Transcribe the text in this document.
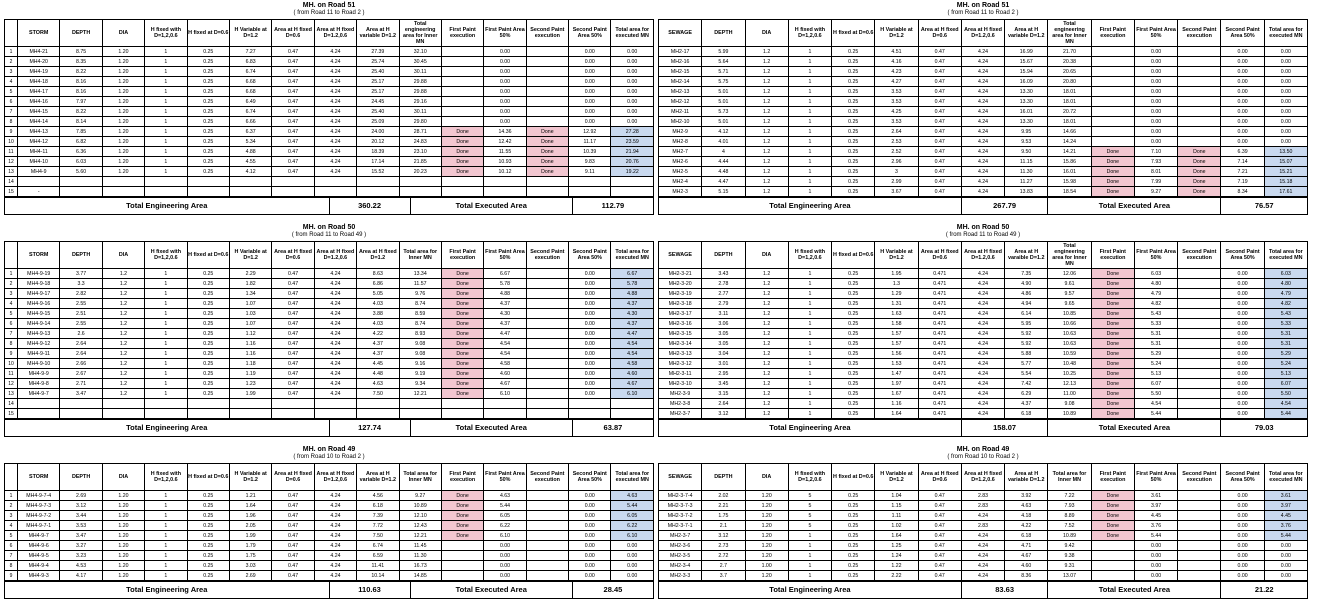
MH. on Road 51
( from Road 11 to Road 2 )
	STORM	DEPTH	DIA	H fixed with D=1,2,0.6	H fixed at D=0.6	H Variable at D=1.2	Area at H fixed D=0.6	Area at H fixed D=1.2,0.6	Area at H variable D=1.2	Total engineering area for Inner MN	First Paint execution	First Paint Area 50%	Second Paint execution	Second Paint Area 50%	Total area for executed MN
1	MH4-21	8.75	1.20	1	0.25	7.27	0.47	4.24	27.39	32.10		0.00		0.00	0.00
2	MH4-20	8.35	1.20	1	0.25	6.83	0.47	4.24	25.74	30.45		0.00		0.00	0.00
3	MH4-19	8.22	1.20	1	0.25	6.74	0.47	4.24	25.40	30.11		0.00		0.00	0.00
4	MH4-18	8.16	1.20	1	0.25	6.68	0.47	4.24	25.17	29.88		0.00		0.00	0.00
5	MH4-17	8.16	1.20	1	0.25	6.68	0.47	4.24	25.17	29.88		0.00		0.00	0.00
6	MH4-16	7.97	1.20	1	0.25	6.49	0.47	4.24	24.45	29.16		0.00		0.00	0.00
7	MH4-15	8.22	1.20	1	0.25	6.74	0.47	4.24	25.40	30.11		0.00		0.00	0.00
8	MH4-14	8.14	1.20	1	0.25	6.66	0.47	4.24	25.09	29.80		0.00		0.00	0.00
9	MH4-13	7.85	1.20	1	0.25	6.37	0.47	4.24	24.00	28.71	Done	14.36	Done	12.92	27.28
10	MH4-12	6.82	1.20	1	0.25	5.34	0.47	4.24	20.12	24.83	Done	12.42	Done	11.17	23.59
11	MH4-11	6.36	1.20	1	0.25	4.88	0.47	4.24	18.39	23.10	Done	11.55	Done	10.39	21.94
12	MH4-10	6.03	1.20	1	0.25	4.55	0.47	4.24	17.14	21.85	Done	10.93	Done	9.83	20.76
13	MH4-9	5.60	1.20	1	0.25	4.12	0.47	4.24	15.52	20.23	Done	10.12	Done	9.11	19.22
14															
15	-														
Total Engineering Area	360.22	Total Executed Area	112.79
MH. on Road 51
( from Road 11 to Road 2 )
SEWAGE	DEPTH	DIA	H fixed with D=1,2,0.6	H fixed at D=0.6	H Variable at D=1.2	Area at H fixed D=0.6	Area at H fixed D=1.2,0.6	Area at H variable D=1.2	Total engineering area for Inner MN	First Paint execution	First Paint Area 50%	Second Paint execution	Second Paint Area 50%	Total area for executed MN
MH2-17	5.99	1.2	1	0.25	4.51	0.47	4.24	16.99	21.70		0.00		0.00	0.00
MH2-16	5.64	1.2	1	0.25	4.16	0.47	4.24	15.67	20.38		0.00		0.00	0.00
MH2-15	5.71	1.2	1	0.25	4.23	0.47	4.24	15.94	20.65		0.00		0.00	0.00
MH2-14	5.75	1.2	1	0.25	4.27	0.47	4.24	16.09	20.80		0.00		0.00	0.00
MH2-13	5.01	1.2	1	0.25	3.53	0.47	4.24	13.30	18.01		0.00		0.00	0.00
MH2-12	5.01	1.2	1	0.25	3.53	0.47	4.24	13.30	18.01		0.00		0.00	0.00
MH2-11	5.73	1.2	1	0.25	4.25	0.47	4.24	16.01	20.72		0.00		0.00	0.00
MH2-10	5.01	1.2	1	0.25	3.53	0.47	4.24	13.30	18.01		0.00		0.00	0.00
MH2-9	4.12	1.2	1	0.25	2.64	0.47	4.24	9.95	14.66		0.00		0.00	0.00
MH2-8	4.01	1.2	1	0.25	2.53	0.47	4.24	9.53	14.24		0.00		0.00	0.00
MH2-7	4	1.2	1	0.25	2.52	0.47	4.24	9.50	14.21	Done	7.10	Done	6.39	13.50
MH2-6	4.44	1.2	1	0.25	2.96	0.47	4.24	11.15	15.86	Done	7.93	Done	7.14	15.07
MH2-5	4.48	1.2	1	0.25	3	0.47	4.24	11.30	16.01	Done	8.01	Done	7.21	15.21
MH2-4	4.47	1.2	1	0.25	2.99	0.47	4.24	11.27	15.98	Done	7.99	Done	7.19	15.18
MH2-3	5.15	1.2	1	0.25	3.67	0.47	4.24	13.83	18.54	Done	9.27	Done	8.34	17.61
Total Engineering Area	267.79	Total Executed Area	76.57
MH. on Road 50
( from Road 11 to Road 49 )
	STORM	DEPTH	DIA	H fixed with D=1,2,0.6	H fixed at D=0.6	H Variable at D=1.2	Area at H fixed D=0.6	Area at H fixed D=1.2,0.6	Area at H fixed D=1.2	Total area for Inner MN	First Paint execution	First Paint Area 50%	Second Paint execution	Second Paint Area 50%	Total area for executed MN
1	MH4-9-19	3.77	1.2	1	0.25	2.29	0.47	4.24	8.63	13.34	Done	6.67		0.00	6.67
2	MH4-9-18	3.3	1.2	1	0.25	1.82	0.47	4.24	6.86	11.57	Done	5.78		0.00	5.78
3	MH4-9-17	2.82	1.2	1	0.25	1.34	0.47	4.24	5.05	9.76	Done	4.88		0.00	4.88
4	MH4-9-16	2.55	1.2	1	0.25	1.07	0.47	4.24	4.03	8.74	Done	4.37		0.00	4.37
5	MH4-9-15	2.51	1.2	1	0.25	1.03	0.47	4.24	3.88	8.59	Done	4.30		0.00	4.30
6	MH4-9-14	2.55	1.2	1	0.25	1.07	0.47	4.24	4.03	8.74	Done	4.37		0.00	4.37
7	MH4-9-13	2.6	1.2	1	0.25	1.12	0.47	4.24	4.22	8.93	Done	4.47		0.00	4.47
8	MH4-9-12	2.64	1.2	1	0.25	1.16	0.47	4.24	4.37	9.08	Done	4.54		0.00	4.54
9	MH4-9-11	2.64	1.2	1	0.25	1.16	0.47	4.24	4.37	9.08	Done	4.54		0.00	4.54
10	MH4-9-10	2.66	1.2	1	0.25	1.18	0.47	4.24	4.45	9.16	Done	4.58		0.00	4.58
11	MH4-9-9	2.67	1.2	1	0.25	1.19	0.47	4.24	4.48	9.19	Done	4.60		0.00	4.60
12	MH4-9-8	2.71	1.2	1	0.25	1.23	0.47	4.24	4.63	9.34	Done	4.67		0.00	4.67
13	MH4-9-7	3.47	1.2	1	0.25	1.99	0.47	4.24	7.50	12.21	Done	6.10		0.00	6.10
14															
15															
Total Engineering Area	127.74	Total Executed Area	63.87
MH. on Road 50
( from Road 11 to Road 49 )
SEWAGE	DEPTH	DIA	H fixed with D=1,2,0.6	H fixed at D=0.6	H Variable at D=1.2	Area at H fixed D=0.6	Area at H fixed D=1.2,0.6	Area at H varaible D=1.2	Total engineering area for Inner MN	First Paint execution	First Paint Area 50%	Second Paint execution	Second Paint Area 50%	Total area for executed MN
MH2-3-21	3.43	1.2	1	0.25	1.95	0.471	4.24	7.35	12.06	Done	6.03		0.00	6.03
MH2-3-20	2.78	1.2	1	0.25	1.3	0.471	4.24	4.90	9.61	Done	4.80		0.00	4.80
MH2-3-19	2.77	1.2	1	0.25	1.29	0.471	4.24	4.86	9.57	Done	4.79		0.00	4.79
MH2-3-18	2.79	1.2	1	0.25	1.31	0.471	4.24	4.94	9.65	Done	4.82		0.00	4.82
MH2-3-17	3.11	1.2	1	0.25	1.63	0.471	4.24	6.14	10.85	Done	5.43		0.00	5.43
MH2-3-16	3.06	1.2	1	0.25	1.58	0.471	4.24	5.95	10.66	Done	5.33		0.00	5.33
MH2-3-15	3.05	1.2	1	0.25	1.57	0.471	4.24	5.92	10.63	Done	5.31		0.00	5.31
MH2-3-14	3.05	1.2	1	0.25	1.57	0.471	4.24	5.92	10.63	Done	5.31		0.00	5.31
MH2-3-13	3.04	1.2	1	0.25	1.56	0.471	4.24	5.88	10.59	Done	5.29		0.00	5.29
MH2-3-12	3.01	1.2	1	0.25	1.53	0.471	4.24	5.77	10.48	Done	5.24		0.00	5.24
MH2-3-11	2.95	1.2	1	0.25	1.47	0.471	4.24	5.54	10.25	Done	5.13		0.00	5.13
MH2-3-10	3.45	1.2	1	0.25	1.97	0.471	4.24	7.42	12.13	Done	6.07		0.00	6.07
MH2-3-9	3.15	1.2	1	0.25	1.67	0.471	4.24	6.29	11.00	Done	5.50		0.00	5.50
MH2-3-8	2.64	1.2	1	0.25	1.16	0.471	4.24	4.37	9.08	Done	4.54		0.00	4.54
MH2-3-7	3.12	1.2	1	0.25	1.64	0.471	4.24	6.18	10.89	Done	5.44		0.00	5.44
Total Engineering Area	158.07	Total Executed Area	79.03
MH. on Road 49
( from Road 10 to Road 2 )
	STORM	DEPTH	DIA	H fixed with D=1,2,0.6	H fixed at D=0.6	H Variable at D=1.2	Area at H fixed D=0.6	Area at H fixed D=1.2,0.6	Area at H variable D=1.2	Total area for Inner MN	First Paint execution	First Paint Area 50%	Second Paint execution	Second Paint Area 50%	Total area for executed MN
1	MH4-9-7-4	2.69	1.20	1	0.25	1.21	0.47	4.24	4.56	9.27	Done	4.63		0.00	4.63
2	MH4-9-7-3	3.12	1.20	1	0.25	1.64	0.47	4.24	6.18	10.89	Done	5.44		0.00	5.44
3	MH4-9-7-2	3.44	1.20	1	0.25	1.96	0.47	4.24	7.39	12.10	Done	6.05		0.00	6.05
4	MH4-9-7-1	3.53	1.20	1	0.25	2.05	0.47	4.24	7.72	12.43	Done	6.22		0.00	6.22
5	MH4-9-7	3.47	1.20	1	0.25	1.99	0.47	4.24	7.50	12.21	Done	6.10		0.00	6.10
6	MH4-9-6	3.27	1.20	1	0.25	1.79	0.47	4.24	6.74	11.45		0.00		0.00	0.00
7	MH4-9-5	3.23	1.20	1	0.25	1.75	0.47	4.24	6.59	11.30		0.00		0.00	0.00
8	MH4-9-4	4.53	1.20	1	0.25	3.03	0.47	4.24	11.41	16.73		0.00		0.00	0.00
9	MH4-9-3	4.17	1.20	1	0.25	2.69	0.47	4.24	10.14	14.85		0.00		0.00	0.00
Total Engineering Area	110.63	Total Executed Area	28.45
MH. on Road 49
( from Road 10 to Road 2 )
SEWAGE	DEPTH	DIA	H fixed with D=1,2,0.6	H fixed at D=0.6	H Variable at D=1.2	Area at H fixed D=0.6	Area at H fixed D=1.2,0.6	Area at H variable D=1.2	Total area for Inner MN	First Paint execution	First Paint Area 50%	Second Paint execution	Second Paint Area 50%	Total area for executed MN
MH2-3-7-4	2.02	1.20	5	0.25	1.04	0.47	2.83	3.92	7.22	Done	3.61		0.00	3.61
MH2-3-7-3	2.21	1.20	5	0.25	1.15	0.47	2.83	4.63	7.93	Done	3.97		0.00	3.97
MH2-3-7-2	1.75	1.20	5	0.25	1.11	0.47	4.24	4.18	8.89	Done	4.45		0.00	4.45
MH2-3-7-1	2.1	1.20	5	0.25	1.02	0.47	2.83	4.22	7.52	Done	3.76		0.00	3.76
MH2-3-7	3.12	1.20	1	0.25	1.64	0.47	4.24	6.18	10.89	Done	5.44		0.00	5.44
MH2-3-6	2.73	1.20	1	0.25	1.25	0.47	4.24	4.71	9.42		0.00		0.00	0.00
MH2-3-5	2.72	1.20	1	0.25	1.24	0.47	4.24	4.67	9.38		0.00		0.00	0.00
MH2-3-4	2.7	1.00	1	0.25	1.22	0.47	4.24	4.60	9.31		0.00		0.00	0.00
MH2-3-3	3.7	1.20	1	0.25	2.22	0.47	4.24	8.36	13.07		0.00		0.00	0.00
Total Engineering Area	83.63	Total Executed Area	21.22
